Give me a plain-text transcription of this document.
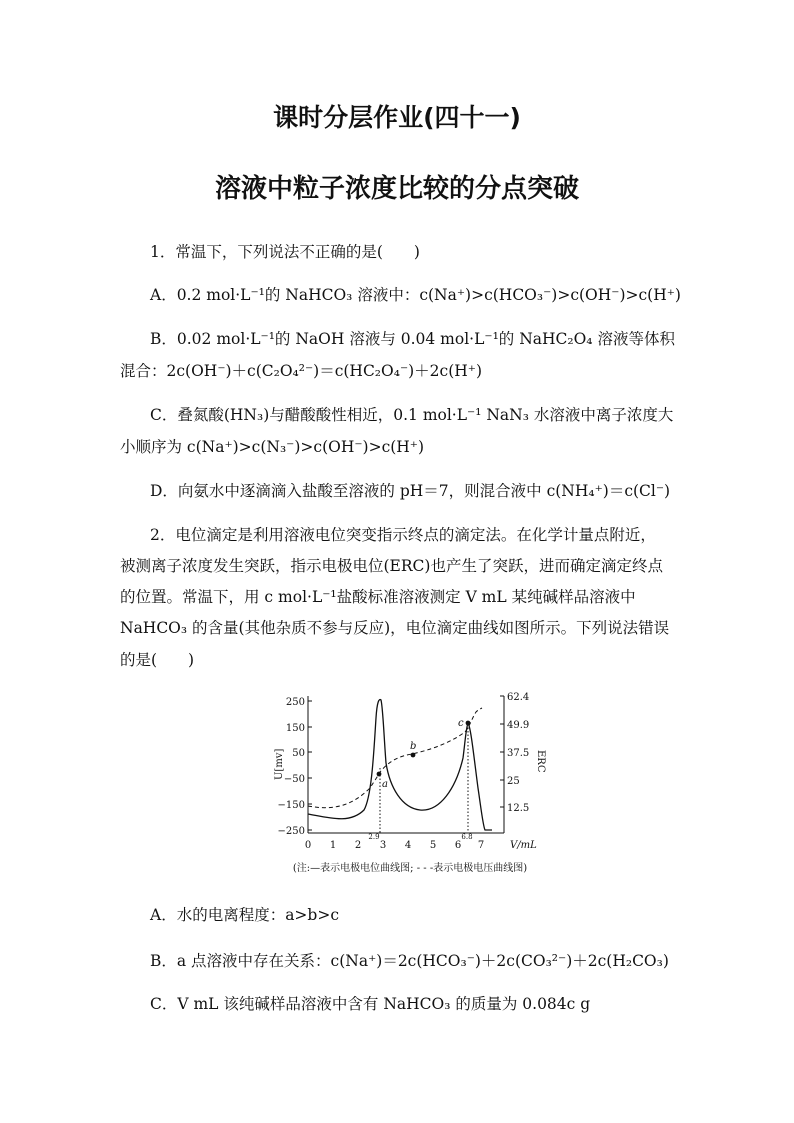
课时分层作业(四十一)
溶液中粒子浓度比较的分点突破
1．常温下，下列说法不正确的是(　　)
A．0.2 mol·L⁻¹的 NaHCO₃ 溶液中：c(Na⁺)>c(HCO₃⁻)>c(OH⁻)>c(H⁺)
B．0.02 mol·L⁻¹的 NaOH 溶液与 0.04 mol·L⁻¹的 NaHC₂O₄ 溶液等体积
混合：2c(OH⁻)＋c(C₂O₄²⁻)＝c(HC₂O₄⁻)＋2c(H⁺)
C．叠氮酸(HN₃)与醋酸酸性相近，0.1 mol·L⁻¹ NaN₃ 水溶液中离子浓度大
小顺序为 c(Na⁺)>c(N₃⁻)>c(OH⁻)>c(H⁺)
D．向氨水中逐滴滴入盐酸至溶液的 pH＝7，则混合液中 c(NH₄⁺)＝c(Cl⁻)
2．电位滴定是利用溶液电位突变指示终点的滴定法。在化学计量点附近，
被测离子浓度发生突跃，指示电极电位(ERC)也产生了突跃，进而确定滴定终点
的位置。常温下，用 c mol·L⁻¹盐酸标准溶液测定 V mL 某纯碱样品溶液中
NaHCO₃ 的含量(其他杂质不参与反应)，电位滴定曲线如图所示。下列说法错误
的是(　　)
250
150
50
−50
−150
−250
U[mv]
62.4
49.9
37.5
25
12.5
ERC
0 1 2 3 4 5 6 7
2.9	6.8
V/mL
a
b
c
(注:—表示电极电位曲线图; - - -表示电极电压曲线图)
A．水的电离程度：a>b>c
B．a 点溶液中存在关系：c(Na⁺)＝2c(HCO₃⁻)＋2c(CO₃²⁻)＋2c(H₂CO₃)
C．V mL 该纯碱样品溶液中含有 NaHCO₃ 的质量为 0.084c g
